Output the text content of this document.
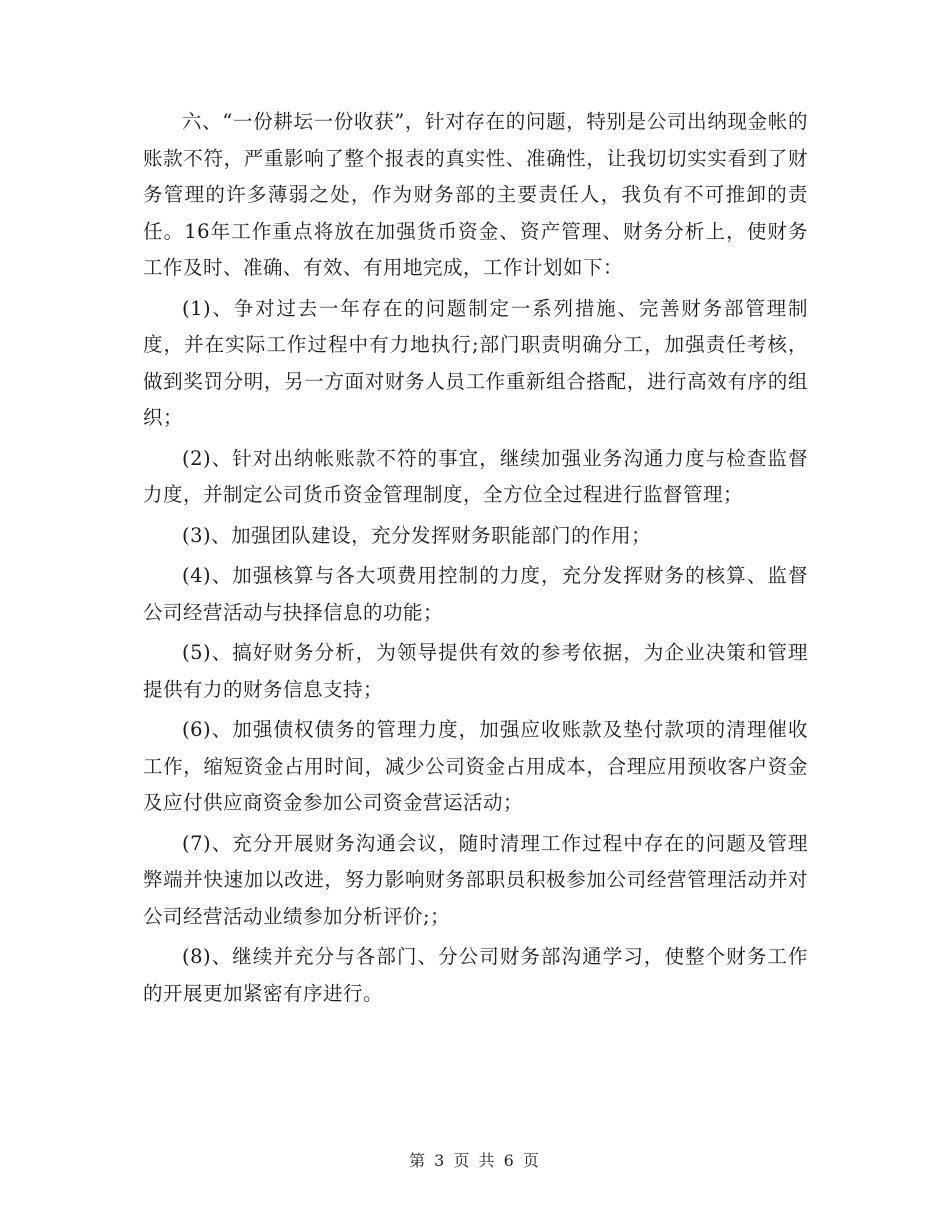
六、“一份耕坛一份收获”，针对存在的问题，特别是公司出纳现金帐的账款不符，严重影响了整个报表的真实性、准确性，让我切切实实看到了财务管理的许多薄弱之处，作为财务部的主要责任人，我负有不可推卸的责任。16年工作重点将放在加强货币资金、资产管理、财务分析上，使财务工作及时、准确、有效、有用地完成，工作计划如下：

(1)、争对过去一年存在的问题制定一系列措施、完善财务部管理制度，并在实际工作过程中有力地执行;部门职责明确分工，加强责任考核，做到奖罚分明，另一方面对财务人员工作重新组合搭配，进行高效有序的组织；

(2)、针对出纳帐账款不符的事宜，继续加强业务沟通力度与检查监督力度，并制定公司货币资金管理制度，全方位全过程进行监督管理；

(3)、加强团队建设，充分发挥财务职能部门的作用；

(4)、加强核算与各大项费用控制的力度，充分发挥财务的核算、监督公司经营活动与抉择信息的功能；

(5)、搞好财务分析，为领导提供有效的参考依据，为企业决策和管理提供有力的财务信息支持；

(6)、加强债权债务的管理力度，加强应收账款及垫付款项的清理催收工作，缩短资金占用时间，减少公司资金占用成本，合理应用预收客户资金及应付供应商资金参加公司资金营运活动；

(7)、充分开展财务沟通会议，随时清理工作过程中存在的问题及管理弊端并快速加以改进，努力影响财务部职员积极参加公司经营管理活动并对公司经营活动业绩参加分析评价;；

(8)、继续并充分与各部门、分公司财务部沟通学习，使整个财务工作的开展更加紧密有序进行。

第 3 页 共 6 页
